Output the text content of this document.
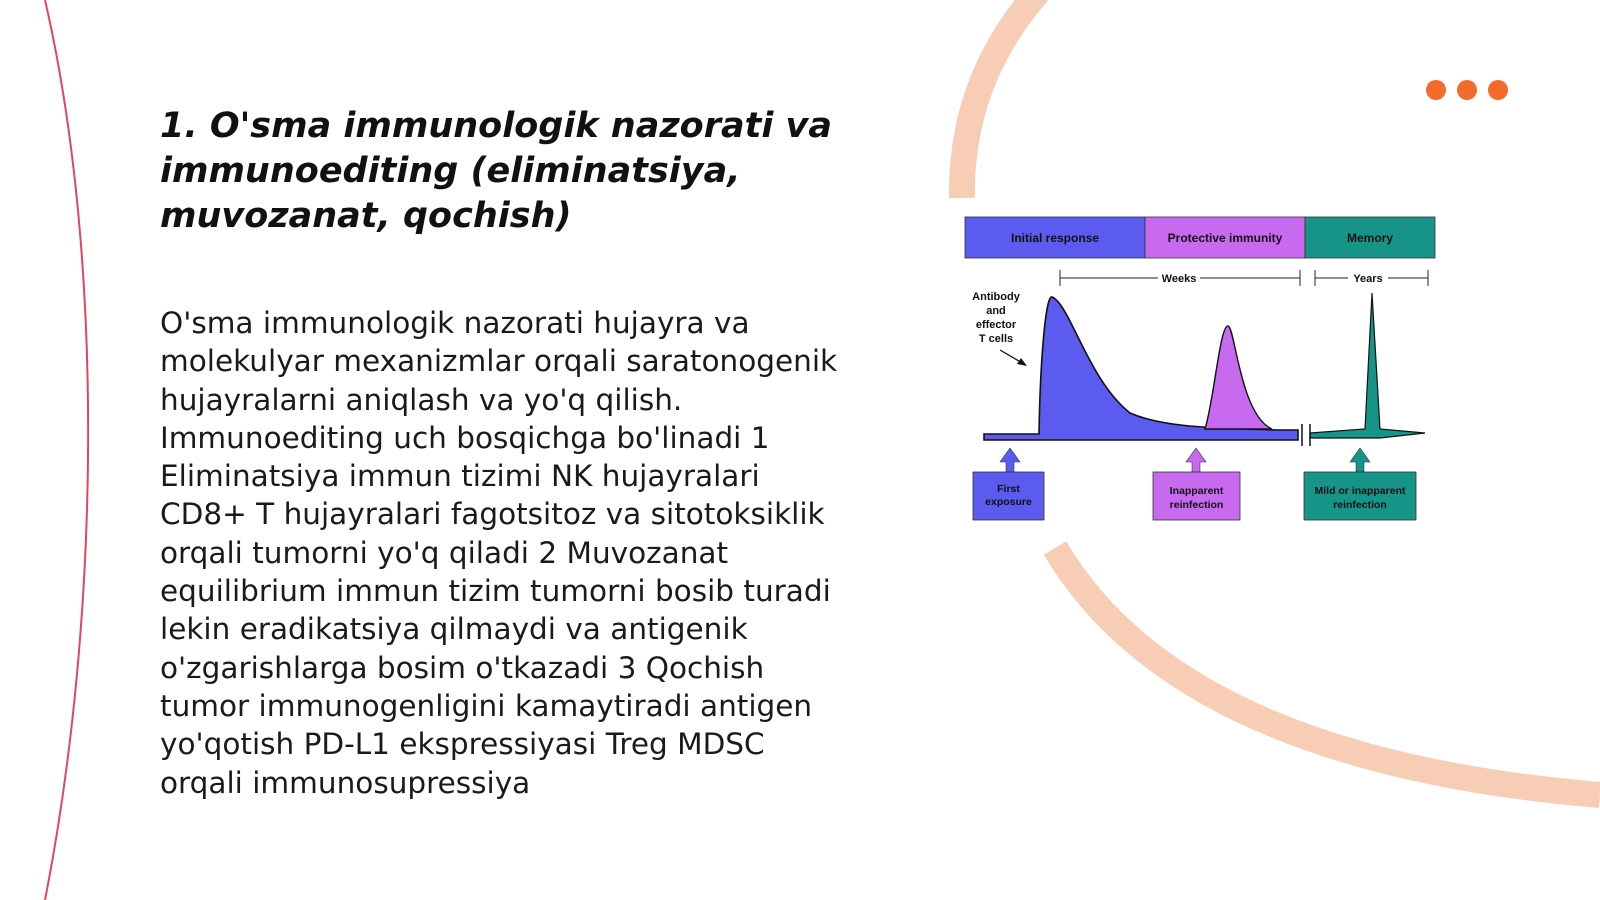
1. O'sma immunologik nazorati va immunoediting (eliminatsiya, muvozanat, qochish)

O'sma immunologik nazorati hujayra va molekulyar mexanizmlar orqali saratonogenik hujayralarni aniqlash va yo'q qilish. Immunoediting uch bosqichga bo'linadi 1 Eliminatsiya immun tizimi NK hujayralari CD8+ T hujayralari fagotsitoz va sitotoksiklik orqali tumorni yo'q qiladi 2 Muvozanat equilibrium immun tizim tumorni bosib turadi lekin eradikatsiya qilmaydi va antigenik o'zgarishlarga bosim o'tkazadi 3 Qochish tumor immunogenligini kamaytiradi antigen yo'qotish PD-L1 ekspressiyasi Treg MDSC orqali immunosupressiya

Initial response	Protective immunity	Memory
Weeks	Years
Antibody
and
effector
T cells
First
exposure
Inapparent
reinfection
Mild or inapparent
reinfection
